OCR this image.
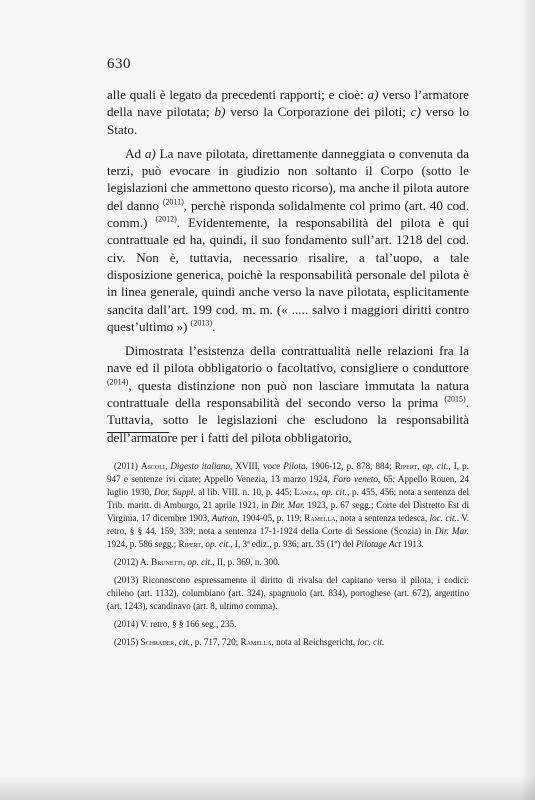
630

alle quali è legato da precedenti rapporti; e cioè: a) verso l’armatore della nave pilotata; b) verso la Corporazione dei piloti; c) verso lo Stato.

Ad a) La nave pilotata, direttamente danneggiata o convenuta da terzi, può evocare in giudizio non soltanto il Corpo (sotto le legislazioni che ammettono questo ricorso), ma anche il pilota autore del danno $^{(2011)}$, perchè risponda solidalmente col primo (art. 40 cod. comm.) $^{(2012)}$. Evidentemente, la responsabilità del pilota è qui contrattuale ed ha, quindi, il suo fondamento sull’art. 1218 del cod. civ. Non è, tuttavia, necessario risalire, a tal’uopo, a tale disposizione generica, poichè la responsabilità personale del pilota è in linea generale, quindi anche verso la nave pilotata, esplicitamente sancita dall’art. 199 cod. m. m. (« ..... salvo i maggiori diritti contro quest’ultimo ») $^{(2013)}$.

Dimostrata l’esistenza della contrattualità nelle relazioni fra la nave ed il pilota obbligatorio o facoltativo, consigliere o conduttore $^{(2014)}$, questa distinzione non può non lasciare immutata la natura contrattuale della responsabilità del secondo verso la prima $^{(2015)}$. Tuttavia, sotto le legislazioni che escludono la responsabilità dell’armatore per i fatti del pilota obbligatorio,

(2011) Ascoli, Digesto italiano, XVIII, voce Pilota, 1906-12, p. 878, 884; Ripert, op. cit., I, p. 947 e sentenze ivi citate; Appello Venezia, 13 marzo 1924, Foro veneto, 65; Appello Rouen, 24 luglio 1930, Dor, Suppl. al lib. VIII. n. 10, p. 445; Lanza, op. cit., p. 455, 456; nota a sentenza del Trib. maritt. di Amburgo, 21 aprile 1921, in Dir. Mar. 1923, p. 67 segg.; Corte del Distretto Est di Virginia, 17 dicembre 1903, Autran, 1904-05, p. 119; Ramella, nota a sentenza tedesca, loc. cit.. V. retro, § § 44, 159, 339; nota a sentenza 17-1-1924 della Corte di Sessione (Scozia) in Dir. Mar. 1924, p. 586 segg.; Ripert, op. cit., I, 3ª ediz., p. 936; art. 35 (1º) del Pilotage Act 1913.

(2012) A. Brunetti, op. cit., II, p. 369, n. 300.

(2013) Riconoscono espressamente il diritto di rivalsa del capitano verso il pilota, i codici: chileno (art. 1132), columbiano (art. 324), spagnuolo (art. 834), portoghese (art. 672), argentino (art. 1243), scandinavo (art. 8, ultimo comma).

(2014) V. retro, § § 166 seg., 235.

(2015) Schrader, cit., p. 717, 720; Ramella, nota al Reichsgericht, loc. cit.
